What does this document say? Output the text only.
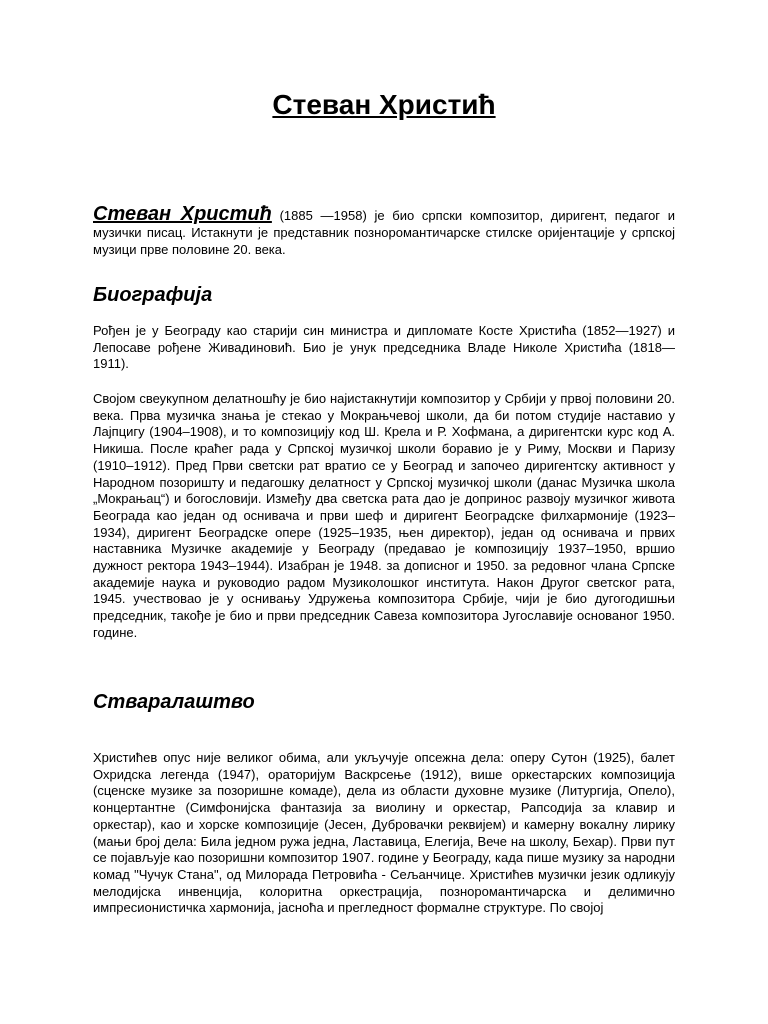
Стеван Христић

Стеван Христић (1885 —1958) је био српски композитор, диригент, педагог и музички писац. Истакнути је представник позноромантичарске стилске оријентације у српској музици прве половине 20. века.

Биографија

Рођен је у Београду као старији син министра и дипломате Косте Христића (1852—1927) и Лепосаве рођене Живадиновић. Био је унук председника Владе Николе Христића (1818—1911).

Својом свеукупном делатношћу је био најистакнутији композитор у Србији у првој половини 20. века. Прва музичка знања је стекао у Мокрањчевој школи, да би потом студије наставио у Лајпцигу (1904–1908), и то композицију код Ш. Крела и Р. Хофмана, а диригентски курс код А. Никиша. После краћег рада у Српској музичкој школи боравио је у Риму, Москви и Паризу (1910–1912). Пред Први светски рат вратио се у Београд и започео диригентску активност у Народном позоришту и педагошку делатност у Српској музичкој школи (данас Музичка школа „Мокрањац“) и богословији. Између два светска рата дао је допринос развоју музичког живота Београда као један од оснивача и први шеф и диригент Београдске филхармоније (1923–1934), диригент Београдске опере (1925–1935, њен директор), један од оснивача и првих наставника Музичке академије у Београду (предавао је композицију 1937–1950, вршио дужност ректора 1943–1944). Изабран је 1948. за дописног и 1950. за редовног члана Српске академије наука и руководио радом Музиколошког института. Након Другог светског рата, 1945. учествовао је у оснивању Удружења композитора Србије, чији је био дугогодишњи председник, такође је био и први председник Савеза композитора Југославије основаног 1950. године.

Стваралаштво

Христићев опус није великог обима, али укључује опсежна дела: оперу Сутон (1925), балет Охридска легенда (1947), ораторијум Васкрсење (1912), више оркестарских композиција (сценске музике за позоришне комаде), дела из области духовне музике (Литургија, Опело), концертантне (Симфонијска фантазија за виолину и оркестар, Рапсодија за клавир и оркестар), као и хорске композиције (Јесен, Дубровачки реквијем) и камерну вокалну лирику (мањи број дела: Била једном ружа једна, Ластавица, Елегија, Вече на школу, Бехар). Први пут се појављује као позоришни композитор 1907. године у Београду, када пише музику за народни комад "Чучук Стана", од Милорада Петровића - Сељанчице. Христићев музички језик одликују мелодијска инвенција, колоритна оркестрација, позноромантичарска и делимично импресионистичка хармонија, јасноћа и прегледност формалне структуре. По својој
